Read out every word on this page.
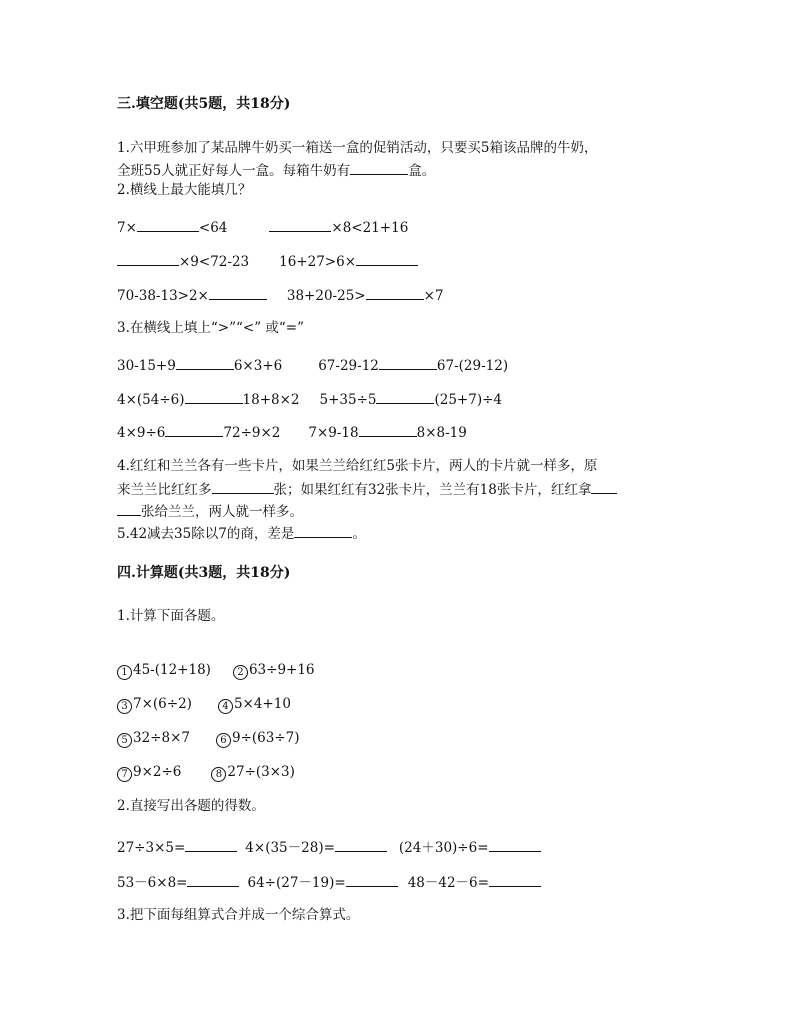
三.填空题(共5题，共18分)
1.六甲班参加了某品牌牛奶买一箱送一盒的促销活动，只要买5箱该品牌的牛奶，
全班55人就正好每人一盒。每箱牛奶有	盒。
2.横线上最大能填几？
7×	<64	×8<21+16
×9<72-23 16+27>6×
70-38-13>2×	38+20-25>	×7
3.在横线上填上“>”“<” 或“=”
30-15+9	6×3+6	67-29-12	67-(29-12)
4×(54÷6)	18+8×2 5+35÷5	(25+7)÷4
4×9÷6	72÷9×2 7×9-18	8×8-19
4.红红和兰兰各有一些卡片，如果兰兰给红红5张卡片，两人的卡片就一样多，原
来兰兰比红红多	张；如果红红有32张卡片，兰兰有18张卡片，红红拿
张给兰兰，两人就一样多。
5.42减去35除以7的商，差是	。
四.计算题(共3题，共18分)
1.计算下面各题。
1 45-(12+18)	2 63÷9+16
3 7×(6÷2)	4 5×4+10
5 32÷8×7	6 9÷(63÷7)
7 9×2÷6	8 27÷(3×3)
2.直接写出各题的得数。
27÷3×5=	4×(35－28)=	(24＋30)÷6=
53－6×8=	64÷(27－19)=	48－42－6=
3.把下面每组算式合并成一个综合算式。
